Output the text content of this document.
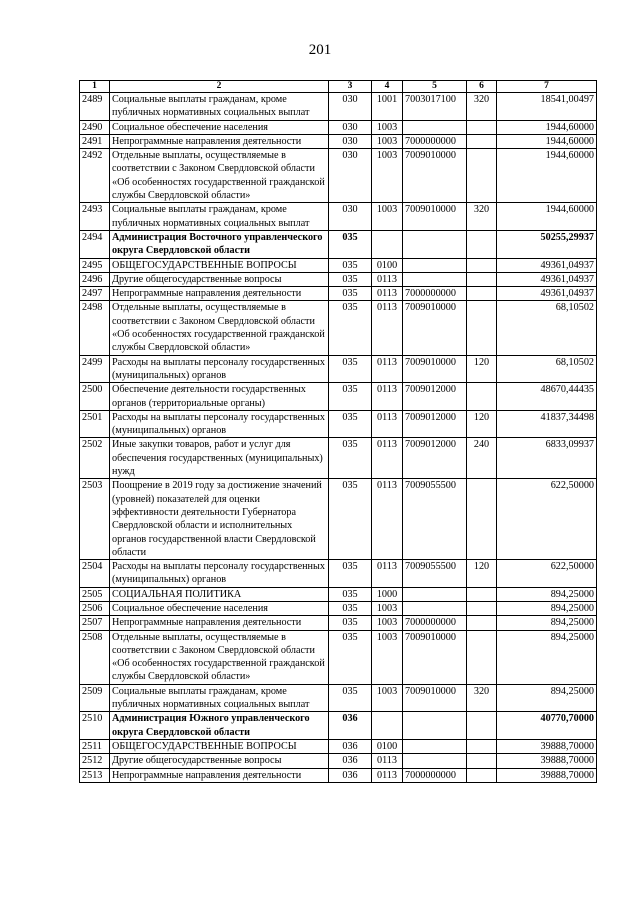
201
1	2	3	4	5	6	7
2489	Социальные выплаты гражданам, кроме публичных нормативных социальных выплат	030	1001	7003017100	320	18541,00497
2490	Социальное обеспечение населения	030	1003			1944,60000
2491	Непрограммные направления деятельности	030	1003	7000000000		1944,60000
2492	Отдельные выплаты, осуществляемые в соответствии с Законом Свердловской области «Об особенностях государственной гражданской службы Свердловской области»	030	1003	7009010000		1944,60000
2493	Социальные выплаты гражданам, кроме публичных нормативных социальных выплат	030	1003	7009010000	320	1944,60000
2494	Администрация Восточного управленческого округа Свердловской области	035				50255,29937
2495	ОБЩЕГОСУДАРСТВЕННЫЕ ВОПРОСЫ	035	0100			49361,04937
2496	Другие общегосударственные вопросы	035	0113			49361,04937
2497	Непрограммные направления деятельности	035	0113	7000000000		49361,04937
2498	Отдельные выплаты, осуществляемые в соответствии с Законом Свердловской области «Об особенностях государственной гражданской службы Свердловской области»	035	0113	7009010000		68,10502
2499	Расходы на выплаты персоналу государственных (муниципальных) органов	035	0113	7009010000	120	68,10502
2500	Обеспечение деятельности государственных органов (территориальные органы)	035	0113	7009012000		48670,44435
2501	Расходы на выплаты персоналу государственных (муниципальных) органов	035	0113	7009012000	120	41837,34498
2502	Иные закупки товаров, работ и услуг для обеспечения государственных (муниципальных) нужд	035	0113	7009012000	240	6833,09937
2503	Поощрение в 2019 году за достижение значений (уровней) показателей для оценки эффективности деятельности Губернатора Свердловской области и исполнительных органов государственной власти Свердловской области	035	0113	7009055500		622,50000
2504	Расходы на выплаты персоналу государственных (муниципальных) органов	035	0113	7009055500	120	622,50000
2505	СОЦИАЛЬНАЯ ПОЛИТИКА	035	1000			894,25000
2506	Социальное обеспечение населения	035	1003			894,25000
2507	Непрограммные направления деятельности	035	1003	7000000000		894,25000
2508	Отдельные выплаты, осуществляемые в соответствии с Законом Свердловской области «Об особенностях государственной гражданской службы Свердловской области»	035	1003	7009010000		894,25000
2509	Социальные выплаты гражданам, кроме публичных нормативных социальных выплат	035	1003	7009010000	320	894,25000
2510	Администрация Южного управленческого округа Свердловской области	036				40770,70000
2511	ОБЩЕГОСУДАРСТВЕННЫЕ ВОПРОСЫ	036	0100			39888,70000
2512	Другие общегосударственные вопросы	036	0113			39888,70000
2513	Непрограммные направления деятельности	036	0113	7000000000		39888,70000
